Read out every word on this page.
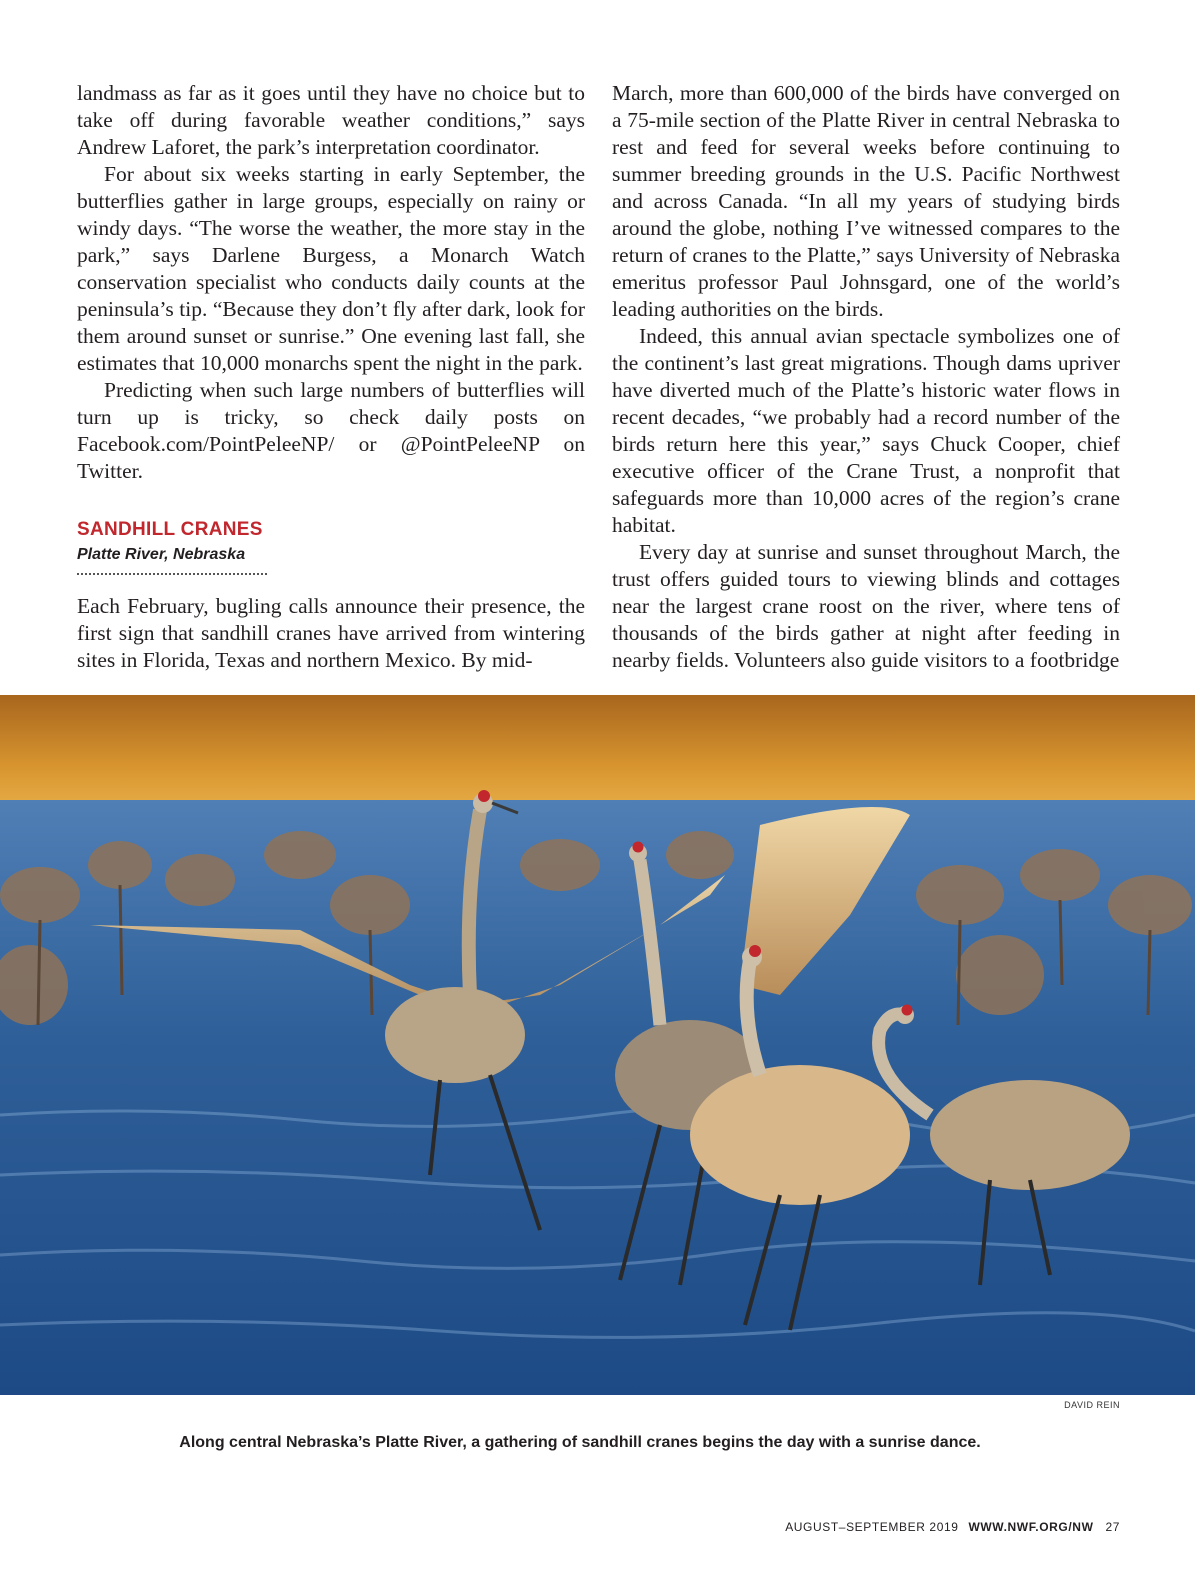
landmass as far as it goes until they have no choice but to take off during favorable weather conditions,” says Andrew Laforet, the park’s interpretation coordinator.

For about six weeks starting in early September, the butterflies gather in large groups, especially on rainy or windy days. “The worse the weather, the more stay in the park,” says Darlene Burgess, a Monarch Watch conservation specialist who conducts daily counts at the peninsula’s tip. “Because they don’t fly after dark, look for them around sunset or sunrise.” One evening last fall, she estimates that 10,000 monarchs spent the night in the park.

Predicting when such large numbers of butterflies will turn up is tricky, so check daily posts on Facebook.com/PointPeleeNP/ or @PointPeleeNP on Twitter.

SANDHILL CRANES
Platte River, Nebraska

Each February, bugling calls announce their presence, the first sign that sandhill cranes have arrived from wintering sites in Florida, Texas and northern Mexico. By mid-

March, more than 600,000 of the birds have converged on a 75-mile section of the Platte River in central Nebraska to rest and feed for several weeks before continuing to summer breeding grounds in the U.S. Pacific Northwest and across Canada. “In all my years of studying birds around the globe, nothing I’ve witnessed compares to the return of cranes to the Platte,” says University of Nebraska emeritus professor Paul Johnsgard, one of the world’s leading authorities on the birds.

Indeed, this annual avian spectacle symbolizes one of the continent’s last great migrations. Though dams upriver have diverted much of the Platte’s historic water flows in recent decades, “we probably had a record number of the birds return here this year,” says Chuck Cooper, chief executive officer of the Crane Trust, a nonprofit that safeguards more than 10,000 acres of the region’s crane habitat.

Every day at sunrise and sunset throughout March, the trust offers guided tours to viewing blinds and cottages near the largest crane roost on the river, where tens of thousands of the birds gather at night after feeding in nearby fields. Volunteers also guide visitors to a footbridge

DAVID REIN
Along central Nebraska’s Platte River, a gathering of sandhill cranes begins the day with a sunrise dance.
AUGUST–SEPTEMBER 2019 WWW.NWF.ORG/NW 27
